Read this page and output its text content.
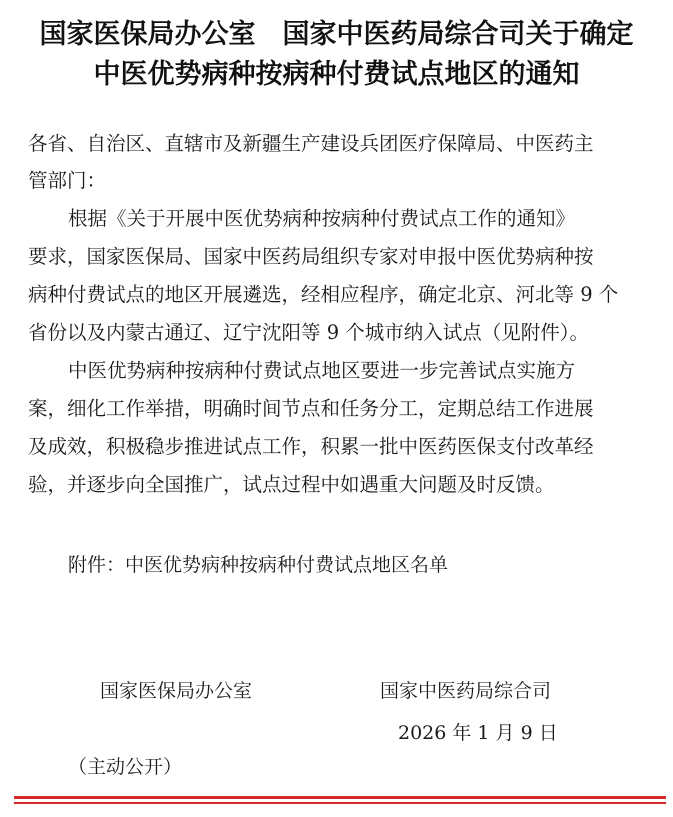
国家医保局办公室　国家中医药局综合司关于确定
中医优势病种按病种付费试点地区的通知
各省、自治区、直辖市及新疆生产建设兵团医疗保障局、中医药主
管部门：
根据《关于开展中医优势病种按病种付费试点工作的通知》
要求，国家医保局、国家中医药局组织专家对申报中医优势病种按
病种付费试点的地区开展遴选，经相应程序，确定北京、河北等 9 个
省份以及内蒙古通辽、辽宁沈阳等 9 个城市纳入试点（见附件）。
中医优势病种按病种付费试点地区要进一步完善试点实施方
案，细化工作举措，明确时间节点和任务分工，定期总结工作进展
及成效，积极稳步推进试点工作，积累一批中医药医保支付改革经
验，并逐步向全国推广，试点过程中如遇重大问题及时反馈。
附件：中医优势病种按病种付费试点地区名单
国家医保局办公室	国家中医药局综合司
2026 年 1 月 9 日
（主动公开）
